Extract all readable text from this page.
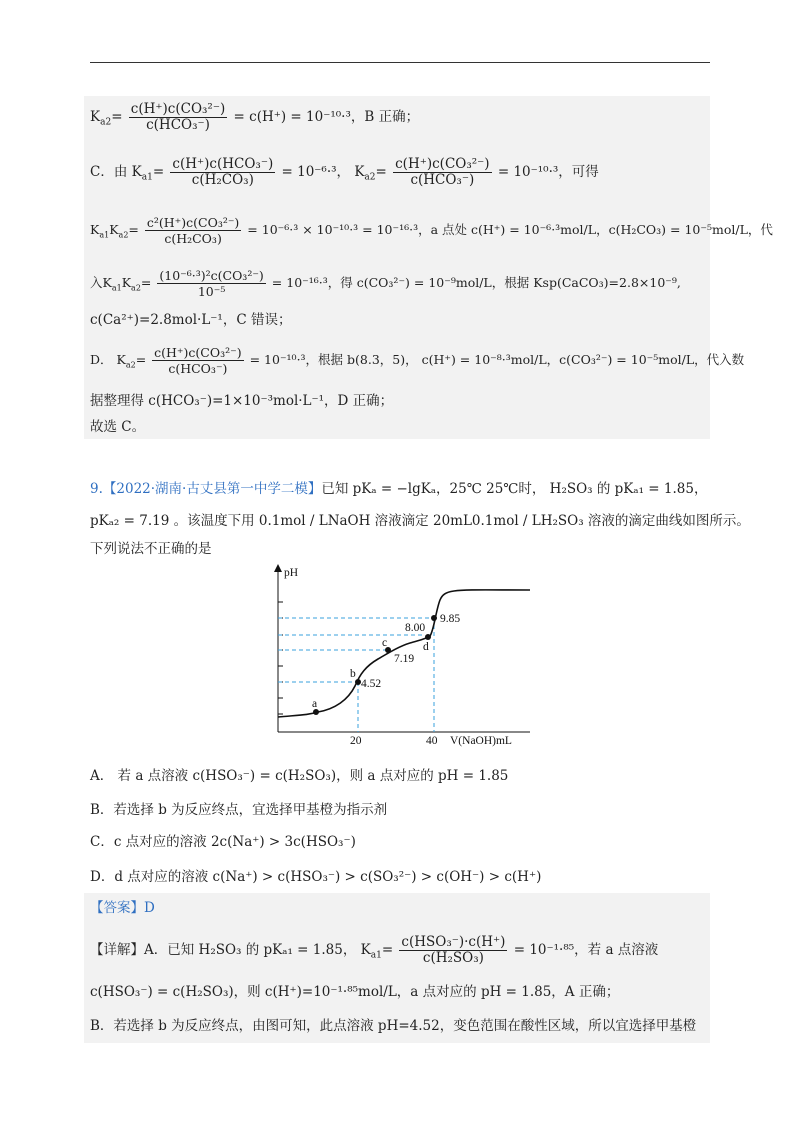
$K_{a2}= \frac{\text{c(H⁺)c(CO₃²⁻)}}{\text{c(HCO₃⁻)}} = c(H^+) = 10^{-10}\cdot^3$，B 正确；
C．由 $K_{a1}= \frac{\text{c(H⁺)c(HCO₃⁻)}}{\text{c(H₂CO₃)}} = 10^{-6}\cdot^3$， $K_{a2}= \frac{\text{c(H⁺)c(CO₃²⁻)}}{\text{c(HCO₃⁻)}} = 10^{-10}\cdot^3$，可得
$K_{a1}K_{a2}= \frac{\text{c²(H⁺)c(CO₃²⁻)}}{\text{c(H₂CO₃)}} = 10^{-6}\cdot^3 \times 10^{-10}\cdot^3 = 10^{-16}\cdot^3$，a 点处 c(H⁺) = 10⁻⁶·³mol/L，c(H₂CO₃) = 10⁻⁵mol/L，代
入$K_{a1}K_{a2}= \frac{\text{(10⁻⁶·³)²c(CO₃²⁻)}}{\text{10⁻⁵}} = 10^{-16}\cdot^3$，得 c(CO₃²⁻) = 10⁻⁹mol/L，根据 Ksp(CaCO₃)=2.8×10⁻⁹,
c(Ca²⁺)=2.8mol·L⁻¹，C 错误；
D． $K_{a2}= \frac{\text{c(H⁺)c(CO₃²⁻)}}{\text{c(HCO₃⁻)}} = 10^{-10}\cdot^3$，根据 b(8.3，5)， c(H⁺) = 10⁻⁸·³mol/L，c(CO₃²⁻) = 10⁻⁵mol/L，代入数
据整理得 c(HCO₃⁻)=1×10⁻³mol·L⁻¹，D 正确；
故选 C。
9.【2022·湖南·古丈县第一中学二模】已知 pKₐ = −lgKₐ，25℃ 25℃时， H₂SO₃ 的 pKₐ₁ = 1.85，
pKₐ₂ = 7.19 。该温度下用 0.1mol / LNaOH 溶液滴定 20mL0.1mol / LH₂SO₃ 溶液的滴定曲线如图所示。
下列说法不正确的是
pH
a
b
4.52
c
7.19
d
8.00
9.85
20	40 V(NaOH)mL
A． 若 a 点溶液 c(HSO₃⁻) = c(H₂SO₃)，则 a 点对应的 pH = 1.85
B．若选择 b 为反应终点，宜选择甲基橙为指示剂
C．c 点对应的溶液 2c(Na⁺) > 3c(HSO₃⁻)
D．d 点对应的溶液 c(Na⁺) > c(HSO₃⁻) > c(SO₃²⁻) > c(OH⁻) > c(H⁺)
【答案】D
【详解】A．已知 H₂SO₃ 的 pKₐ₁ = 1.85， $K_{a1}= \frac{\text{c(HSO₃⁻)·c(H⁺)}}{\text{c(H₂SO₃)}} = 10^{-1}\cdot^{85}$，若 a 点溶液
c(HSO₃⁻) = c(H₂SO₃)，则 c(H⁺)=10⁻¹·⁸⁵mol/L，a 点对应的 pH = 1.85，A 正确；
B．若选择 b 为反应终点，由图可知，此点溶液 pH=4.52，变色范围在酸性区域，所以宜选择甲基橙
